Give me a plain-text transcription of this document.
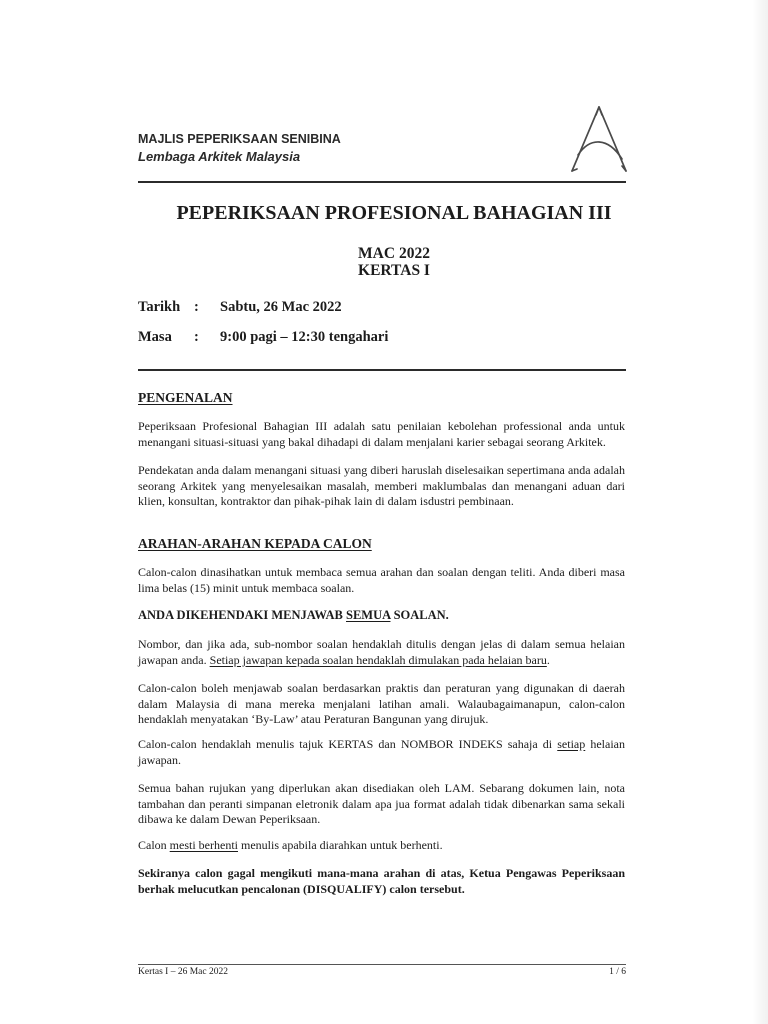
MAJLIS PEPERIKSAAN SENIBINA
Lembaga Arkitek Malaysia
PEPERIKSAAN PROFESIONAL BAHAGIAN III
MAC 2022
KERTAS I
Tarikh : Sabtu, 26 Mac 2022
Masa : 9:00 pagi – 12:30 tengahari
PENGENALAN

Peperiksaan Profesional Bahagian III adalah satu penilaian kebolehan professional anda untuk menangani situasi-situasi yang bakal dihadapi di dalam menjalani karier sebagai seorang Arkitek.

Pendekatan anda dalam menangani situasi yang diberi haruslah diselesaikan sepertimana anda adalah seorang Arkitek yang menyelesaikan masalah, memberi maklumbalas dan menangani aduan dari klien, konsultan, kontraktor dan pihak-pihak lain di dalam isdustri pembinaan.

ARAHAN-ARAHAN KEPADA CALON

Calon-calon dinasihatkan untuk membaca semua arahan dan soalan dengan teliti. Anda diberi masa lima belas (15) minit untuk membaca soalan.

ANDA DIKEHENDAKI MENJAWAB SEMUA SOALAN.

Nombor, dan jika ada, sub-nombor soalan hendaklah ditulis dengan jelas di dalam semua helaian jawapan anda. Setiap jawapan kepada soalan hendaklah dimulakan pada helaian baru.

Calon-calon boleh menjawab soalan berdasarkan praktis dan peraturan yang digunakan di daerah dalam Malaysia di mana mereka menjalani latihan amali. Walaubagaimanapun, calon-calon hendaklah menyatakan ‘By-Law’ atau Peraturan Bangunan yang dirujuk.

Calon-calon hendaklah menulis tajuk KERTAS dan NOMBOR INDEKS sahaja di setiap helaian jawapan.

Semua bahan rujukan yang diperlukan akan disediakan oleh LAM. Sebarang dokumen lain, nota tambahan dan peranti simpanan eletronik dalam apa jua format adalah tidak dibenarkan sama sekali dibawa ke dalam Dewan Peperiksaan.

Calon mesti berhenti menulis apabila diarahkan untuk berhenti.

Sekiranya calon gagal mengikuti mana-mana arahan di atas, Ketua Pengawas Peperiksaan berhak melucutkan pencalonan (DISQUALIFY) calon tersebut.

Kertas I – 26 Mac 2022	1 / 6
